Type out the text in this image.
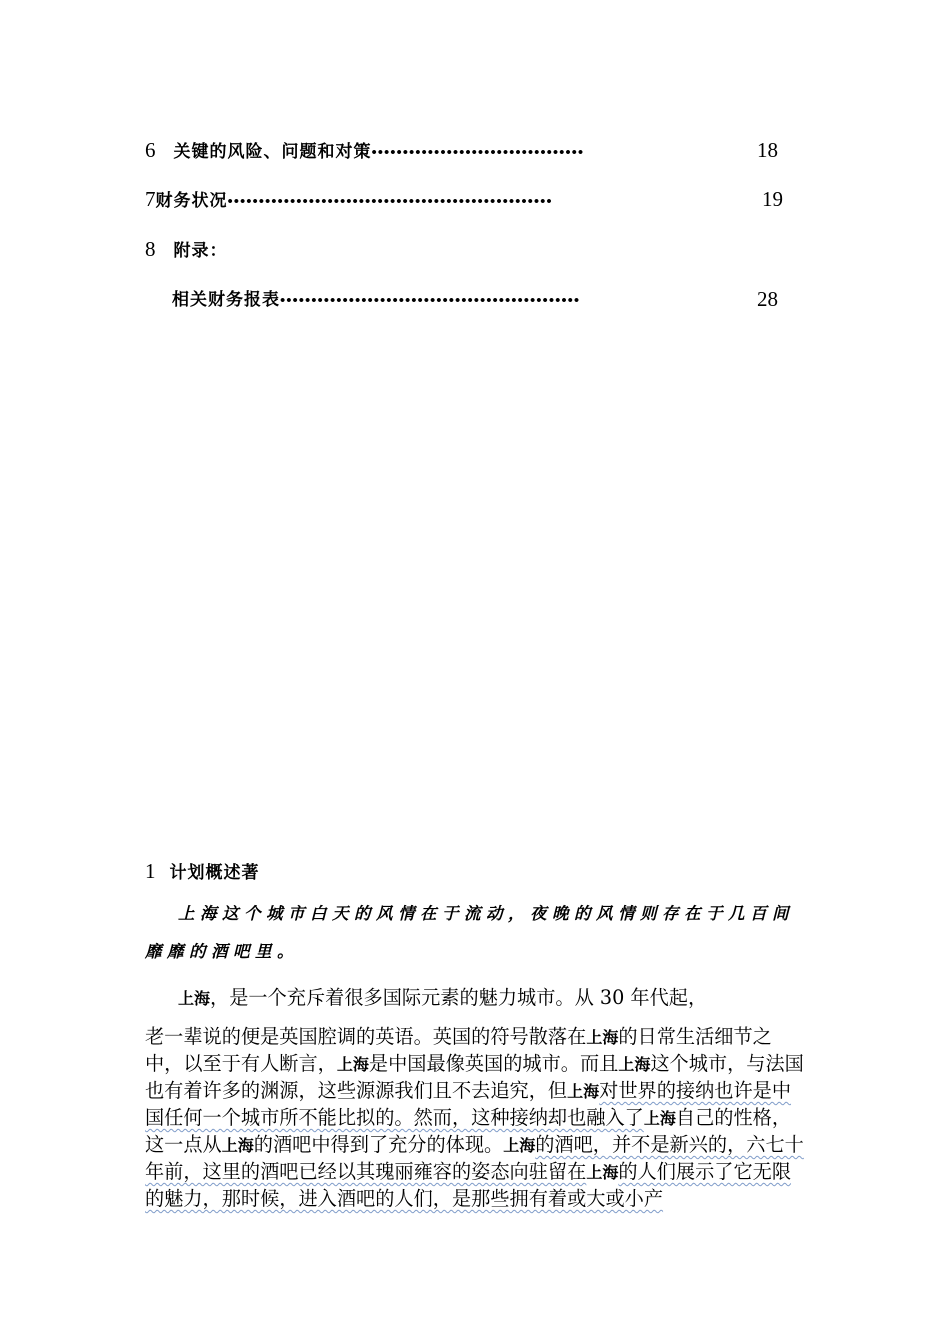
6 关键的风险、问题和对策••••••••••••••••••••••••••••••••••	18
7财务状况••••••••••••••••••••••••••••••••••••••••••••••••••••	19
8 附录：
相关财务报表••••••••••••••••••••••••••••••••••••••••••••••••	28
1 计划概述著
上海这个城市白天的风情在于流动，夜晚的风情则存在于几百间靡靡的酒吧里。

上海，是一个充斥着很多国际元素的魅力城市。从 30 年代起，

老一辈说的便是英国腔调的英语。英国的符号散落在上海的日常生活细节之中，以至于有人断言，上海是中国最像英国的城市。而且上海这个城市，与法国也有着许多的渊源，这些源源我们且不去追究，但上海对世界的接纳也许是中国任何一个城市所不能比拟的。然而，这种接纳却也融入了上海自己的性格，这一点从上海的酒吧中得到了充分的体现。上海的酒吧，并不是新兴的，六七十年前，这里的酒吧已经以其瑰丽雍容的姿态向驻留在上海的人们展示了它无限的魅力，那时候，进入酒吧的人们，是那些拥有着或大或小产
